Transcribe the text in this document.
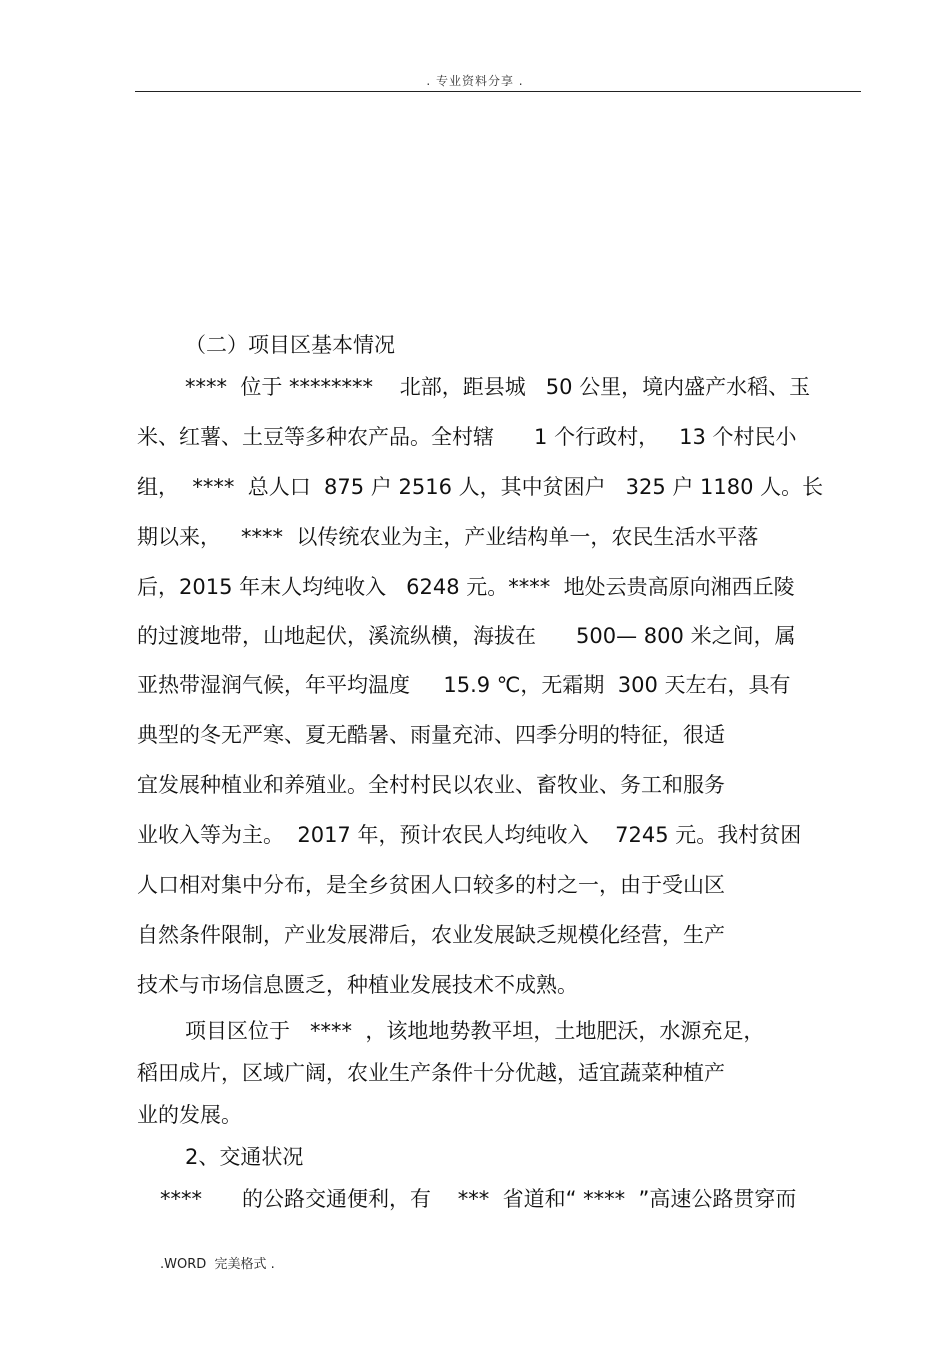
. 专业资料分享 .
（二）项目区基本情况
****  位于 ********    北部，距县城   50 公里，境内盛产水稻、玉
米、红薯、土豆等多种农产品。全村辖      1 个行政村，   13 个村民小
组，  ****  总人口  875 户 2516 人，其中贫困户   325 户 1180 人。长
期以来，   ****  以传统农业为主，产业结构单一，农民生活水平落
后，2015 年末人均纯收入   6248 元。****  地处云贵高原向湘西丘陵
的过渡地带，山地起伏，溪流纵横，海拔在      500— 800 米之间，属
亚热带湿润气候，年平均温度     15.9 ℃，无霜期  300 天左右，具有
典型的冬无严寒、夏无酷暑、雨量充沛、四季分明的特征，很适
宜发展种植业和养殖业。全村村民以农业、畜牧业、务工和服务
业收入等为主。  2017 年，预计农民人均纯收入    7245 元。我村贫困
人口相对集中分布，是全乡贫困人口较多的村之一，由于受山区
自然条件限制，产业发展滞后，农业发展缺乏规模化经营，生产
技术与市场信息匮乏，种植业发展技术不成熟。
项目区位于   ****  ，该地地势教平坦，土地肥沃，水源充足，
稻田成片，区域广阔，农业生产条件十分优越，适宜蔬菜种植产
业的发展。
2、交通状况
****      的公路交通便利，有    ***  省道和“ ****  ”高速公路贯穿而
.WORD  完美格式 .
